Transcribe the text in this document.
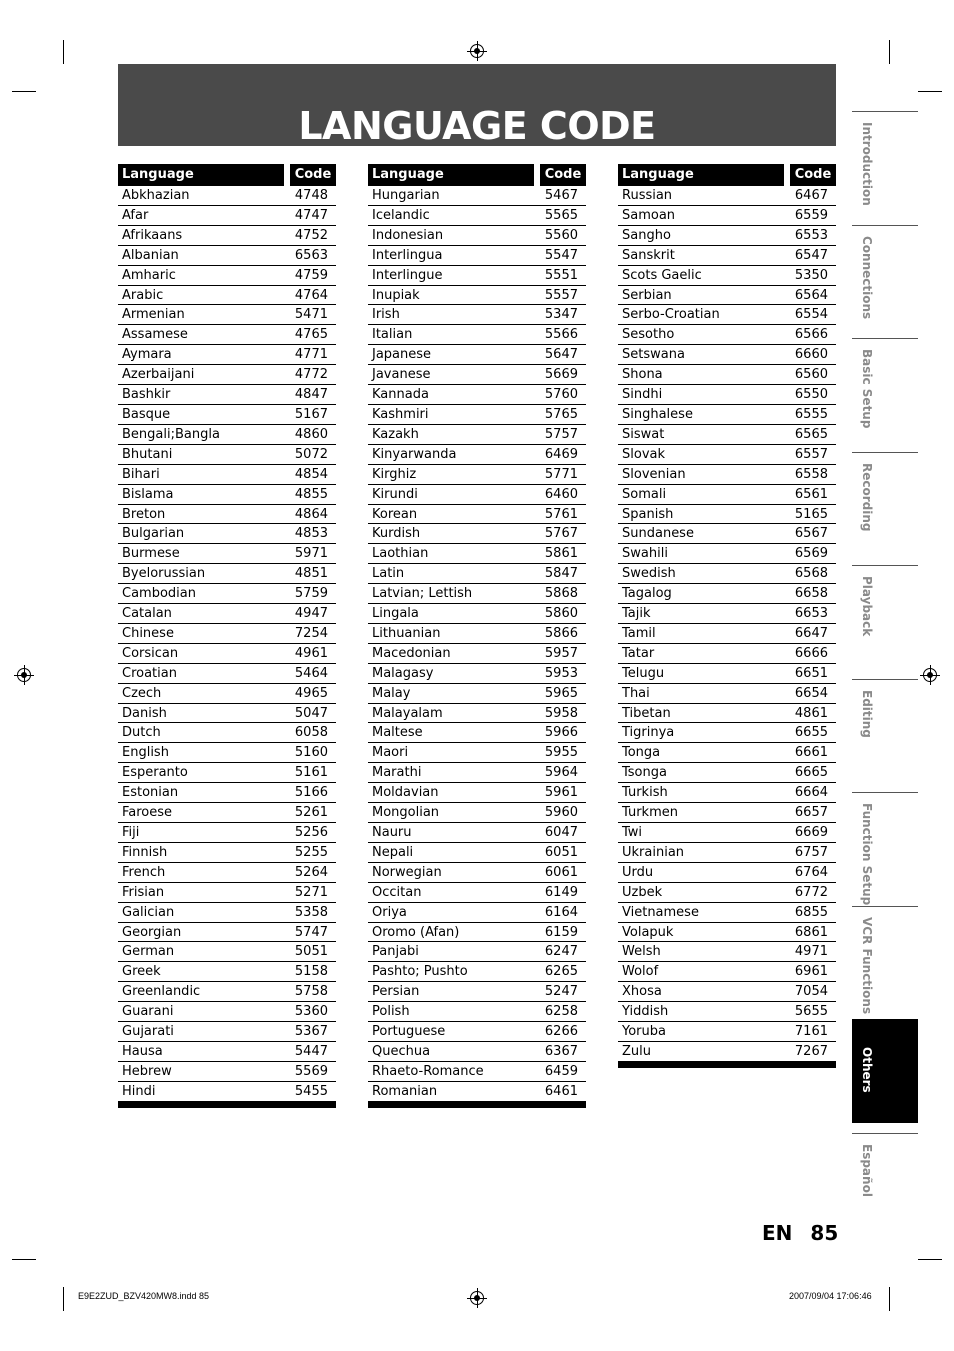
LANGUAGE CODE
Language	Code
Abkhazian	4748
Afar	4747
Afrikaans	4752
Albanian	6563
Amharic	4759
Arabic	4764
Armenian	5471
Assamese	4765
Aymara	4771
Azerbaijani	4772
Bashkir	4847
Basque	5167
Bengali;Bangla	4860
Bhutani	5072
Bihari	4854
Bislama	4855
Breton	4864
Bulgarian	4853
Burmese	5971
Byelorussian	4851
Cambodian	5759
Catalan	4947
Chinese	7254
Corsican	4961
Croatian	5464
Czech	4965
Danish	5047
Dutch	6058
English	5160
Esperanto	5161
Estonian	5166
Faroese	5261
Fiji	5256
Finnish	5255
French	5264
Frisian	5271
Galician	5358
Georgian	5747
German	5051
Greek	5158
Greenlandic	5758
Guarani	5360
Gujarati	5367
Hausa	5447
Hebrew	5569
Hindi	5455
Language	Code
Hungarian	5467
Icelandic	5565
Indonesian	5560
Interlingua	5547
Interlingue	5551
Inupiak	5557
Irish	5347
Italian	5566
Japanese	5647
Javanese	5669
Kannada	5760
Kashmiri	5765
Kazakh	5757
Kinyarwanda	6469
Kirghiz	5771
Kirundi	6460
Korean	5761
Kurdish	5767
Laothian	5861
Latin	5847
Latvian; Lettish	5868
Lingala	5860
Lithuanian	5866
Macedonian	5957
Malagasy	5953
Malay	5965
Malayalam	5958
Maltese	5966
Maori	5955
Marathi	5964
Moldavian	5961
Mongolian	5960
Nauru	6047
Nepali	6051
Norwegian	6061
Occitan	6149
Oriya	6164
Oromo (Afan)	6159
Panjabi	6247
Pashto; Pushto	6265
Persian	5247
Polish	6258
Portuguese	6266
Quechua	6367
Rhaeto-Romance	6459
Romanian	6461
Language	Code
Russian	6467
Samoan	6559
Sangho	6553
Sanskrit	6547
Scots Gaelic	5350
Serbian	6564
Serbo-Croatian	6554
Sesotho	6566
Setswana	6660
Shona	6560
Sindhi	6550
Singhalese	6555
Siswat	6565
Slovak	6557
Slovenian	6558
Somali	6561
Spanish	5165
Sundanese	6567
Swahili	6569
Swedish	6568
Tagalog	6658
Tajik	6653
Tamil	6647
Tatar	6666
Telugu	6651
Thai	6654
Tibetan	4861
Tigrinya	6655
Tonga	6661
Tsonga	6665
Turkish	6664
Turkmen	6657
Twi	6669
Ukrainian	6757
Urdu	6764
Uzbek	6772
Vietnamese	6855
Volapuk	6861
Welsh	4971
Wolof	6961
Xhosa	7054
Yiddish	5655
Yoruba	7161
Zulu	7267
Introduction
Connections
Basic Setup
Recording
Playback
Editing
Function Setup
VCR Functions
Others
Español
EN 85
E9E2ZUD_BZV420MW8.indd 85	2007/09/04 17:06:46
